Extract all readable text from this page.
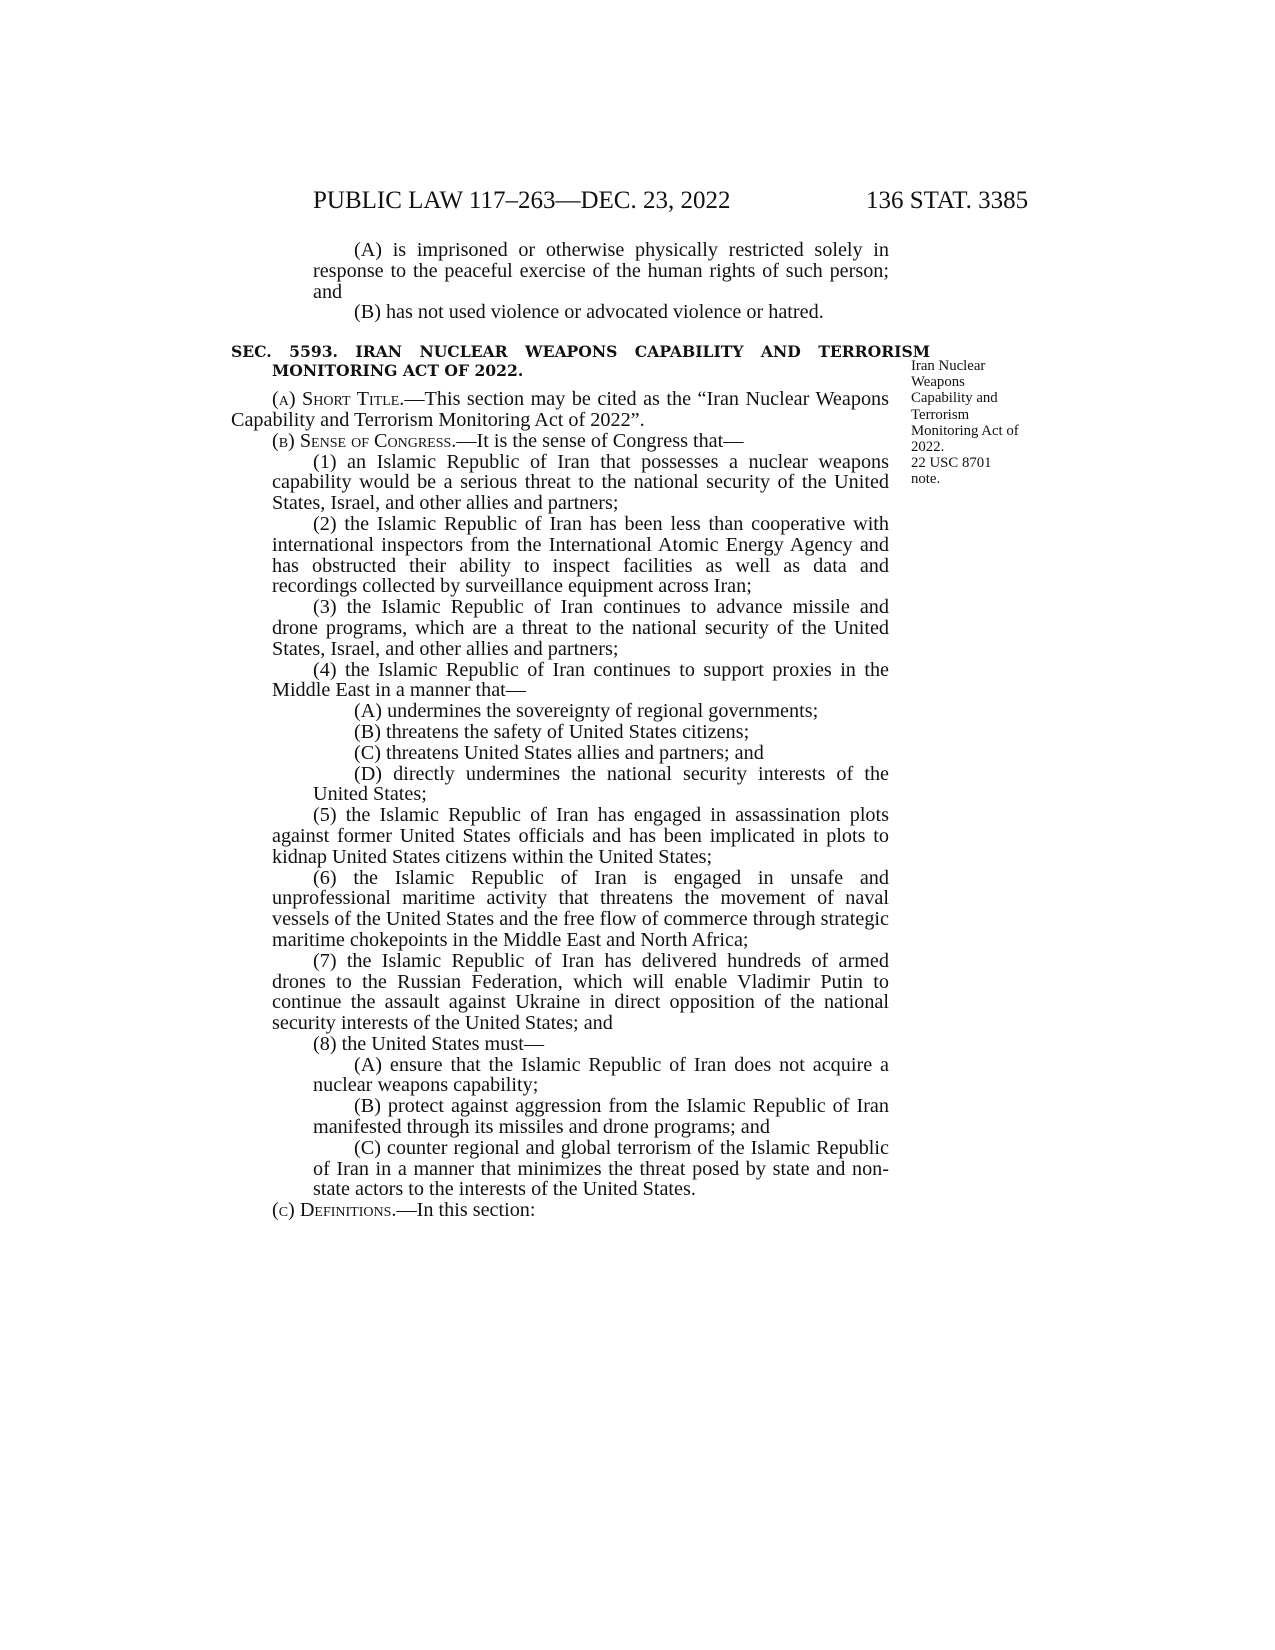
PUBLIC LAW 117–263—DEC. 23, 2022	136 STAT. 3385

(A) is imprisoned or otherwise physically restricted solely in response to the peaceful exercise of the human rights of such person; and

(B) has not used violence or advocated violence or hatred.

SEC. 5593. IRAN NUCLEAR WEAPONS CAPABILITY AND TERRORISM MONITORING ACT OF 2022.

(a) Short Title.—This section may be cited as the “Iran Nuclear Weapons Capability and Terrorism Monitoring Act of 2022”.

(b) Sense of Congress.—It is the sense of Congress that—

(1) an Islamic Republic of Iran that possesses a nuclear weapons capability would be a serious threat to the national security of the United States, Israel, and other allies and partners;

(2) the Islamic Republic of Iran has been less than cooperative with international inspectors from the International Atomic Energy Agency and has obstructed their ability to inspect facilities as well as data and recordings collected by surveillance equipment across Iran;

(3) the Islamic Republic of Iran continues to advance missile and drone programs, which are a threat to the national security of the United States, Israel, and other allies and partners;

(4) the Islamic Republic of Iran continues to support proxies in the Middle East in a manner that—

(A) undermines the sovereignty of regional governments;

(B) threatens the safety of United States citizens;

(C) threatens United States allies and partners; and

(D) directly undermines the national security interests of the United States;

(5) the Islamic Republic of Iran has engaged in assassination plots against former United States officials and has been implicated in plots to kidnap United States citizens within the United States;

(6) the Islamic Republic of Iran is engaged in unsafe and unprofessional maritime activity that threatens the movement of naval vessels of the United States and the free flow of commerce through strategic maritime chokepoints in the Middle East and North Africa;

(7) the Islamic Republic of Iran has delivered hundreds of armed drones to the Russian Federation, which will enable Vladimir Putin to continue the assault against Ukraine in direct opposition of the national security interests of the United States; and

(8) the United States must—

(A) ensure that the Islamic Republic of Iran does not acquire a nuclear weapons capability;

(B) protect against aggression from the Islamic Republic of Iran manifested through its missiles and drone programs; and

(C) counter regional and global terrorism of the Islamic Republic of Iran in a manner that minimizes the threat posed by state and non-state actors to the interests of the United States.

(c) Definitions.—In this section:

Iran Nuclear
Weapons
Capability and
Terrorism
Monitoring Act of
2022.
22 USC 8701
note.
